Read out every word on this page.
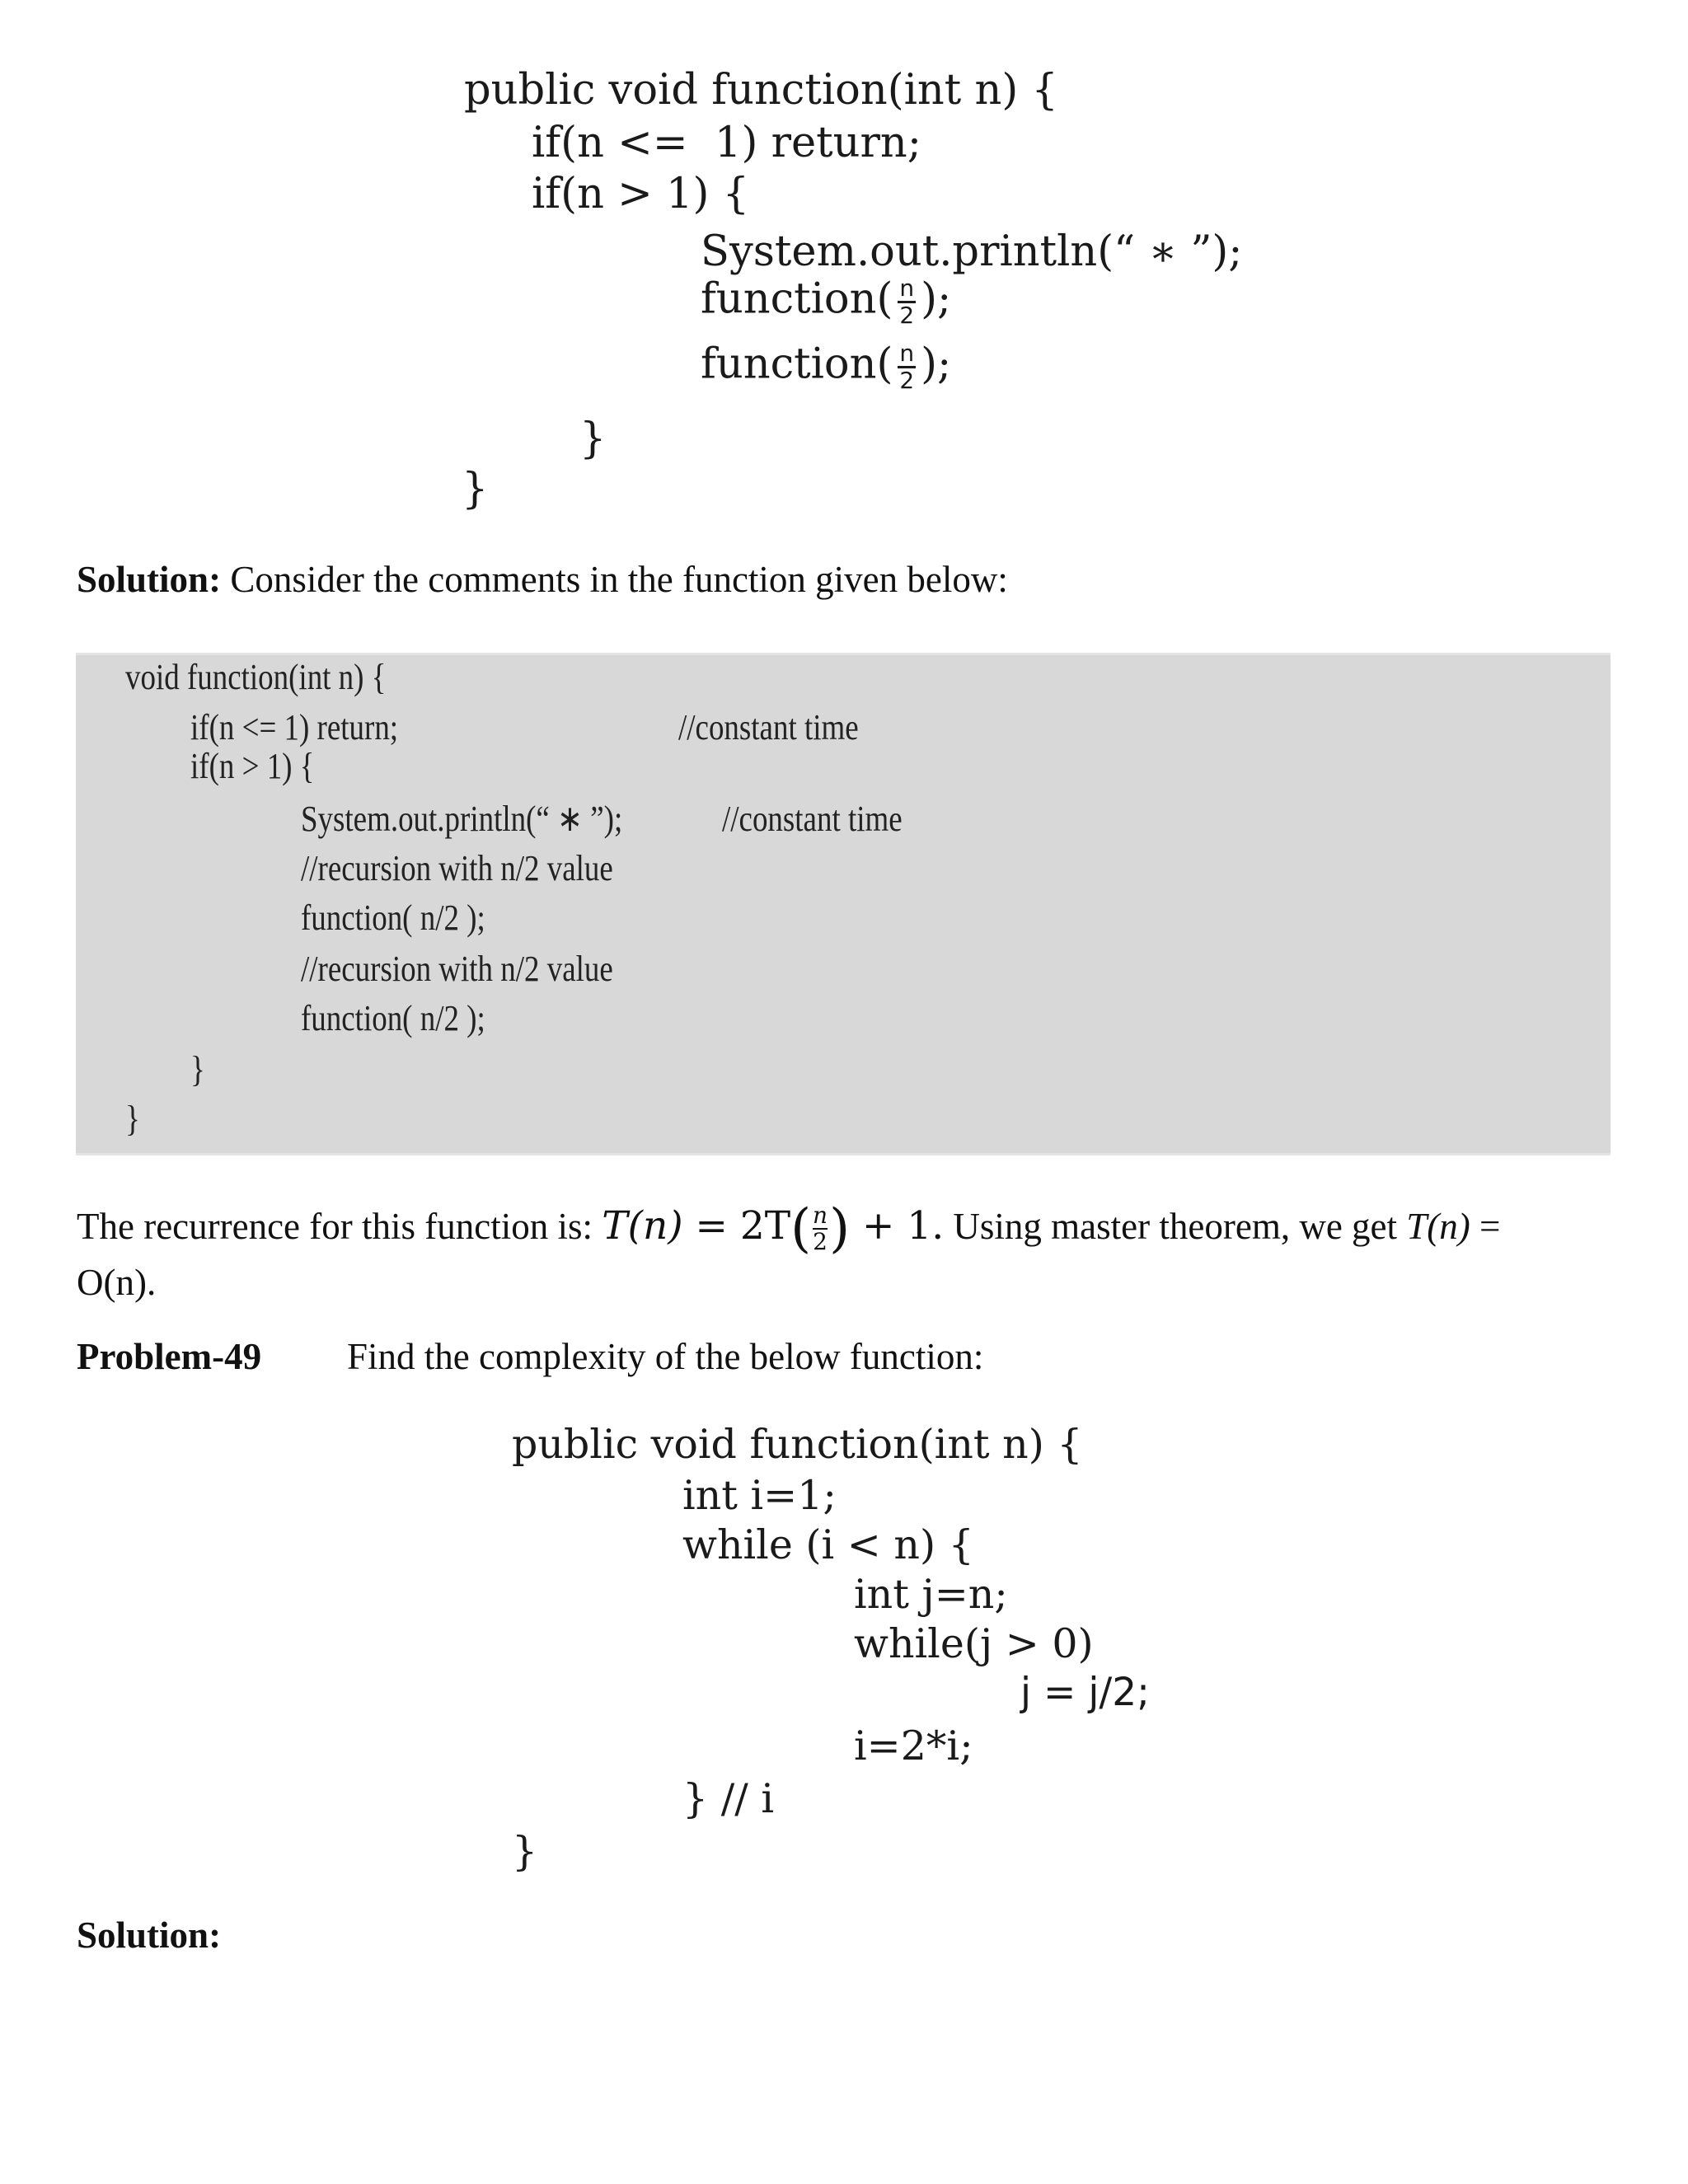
public void function(int n) {
if(n <=  1) return;
if(n > 1) {
System.out.println(“ ∗ ”);
function( $\frac{n}{2}$ );
function( $\frac{n}{2}$ );
}
}
Solution: Consider the comments in the function given below:
void function(int n) {
if(n <= 1) return;	//constant time
if(n > 1) {
System.out.println(“ ∗ ”);	//constant time
//recursion with n/2 value
function( n/2 );
//recursion with n/2 value
function( n/2 );
}
}
The recurrence for this function is: $T(n) = 2T( \frac{n}{2}$ ) + 1. Using master theorem, we get T(n) =
O(n).
Problem-49 Find the complexity of the below function:
public void function(int n) {
int i=1;
while (i < n) {
int j=n;
while(j > 0)
j = j/2;
i=2*i;
} // i
}
Solution:
